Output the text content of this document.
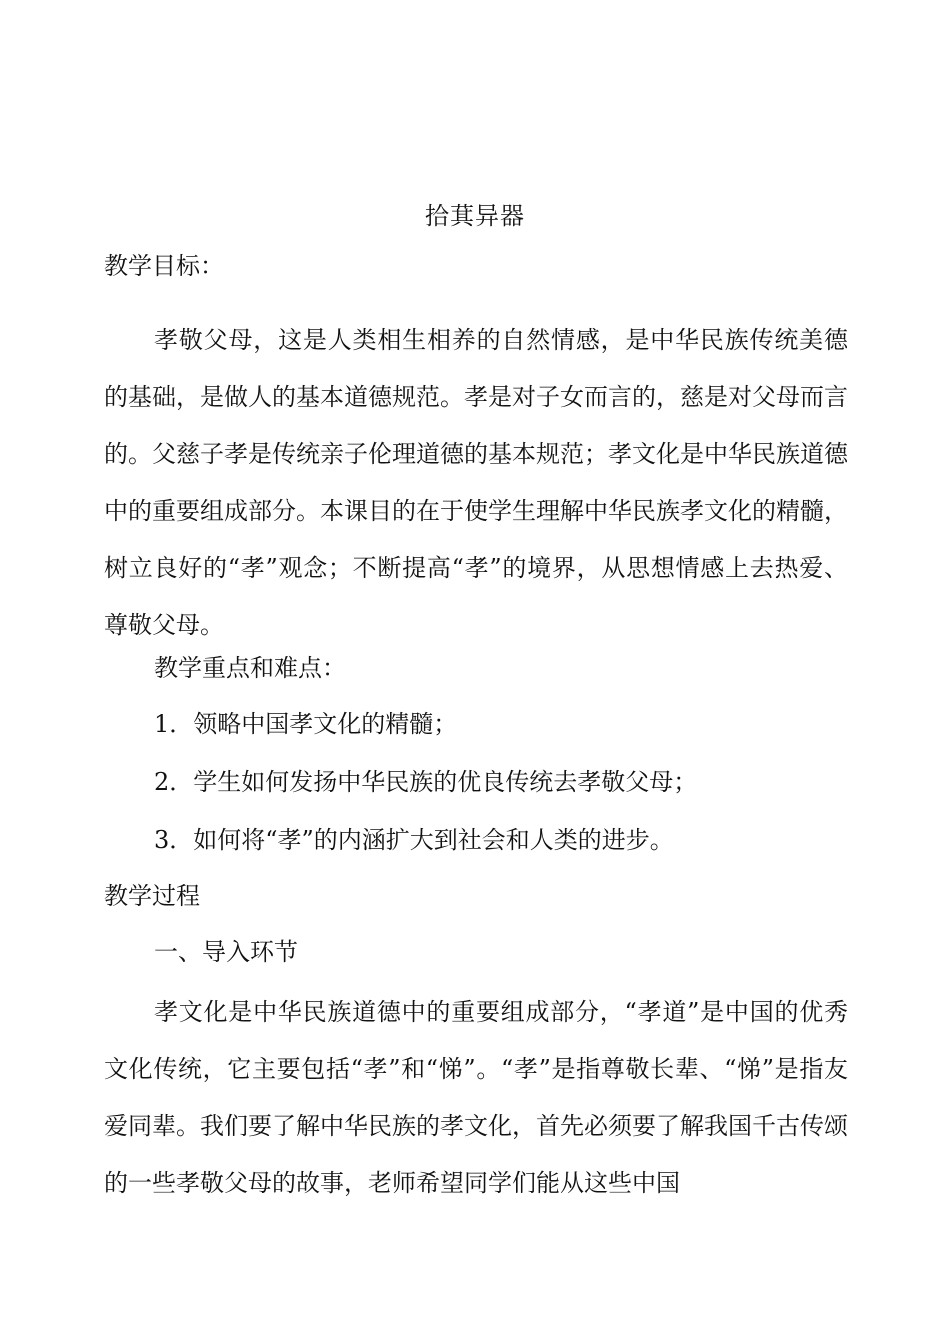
拾萁异器
教学目标：
孝敬父母，这是人类相生相养的自然情感，是中华民族传统美德的基础，是做人的基本道德规范。孝是对子女而言的，慈是对父母而言的。父慈子孝是传统亲子伦理道德的基本规范；孝文化是中华民族道德中的重要组成部分。本课目的在于使学生理解中华民族孝文化的精髓，树立良好的“孝”观念；不断提高“孝”的境界，从思想情感上去热爱、尊敬父母。
教学重点和难点：
1．领略中国孝文化的精髓；
2．学生如何发扬中华民族的优良传统去孝敬父母；
3．如何将“孝”的内涵扩大到社会和人类的进步。
教学过程
一、导入环节
孝文化是中华民族道德中的重要组成部分，“孝道”是中国的优秀文化传统，它主要包括“孝”和“悌”。“孝”是指尊敬长辈、“悌”是指友爱同辈。我们要了解中华民族的孝文化，首先必须要了解我国千古传颂的一些孝敬父母的故事，老师希望同学们能从这些中国
